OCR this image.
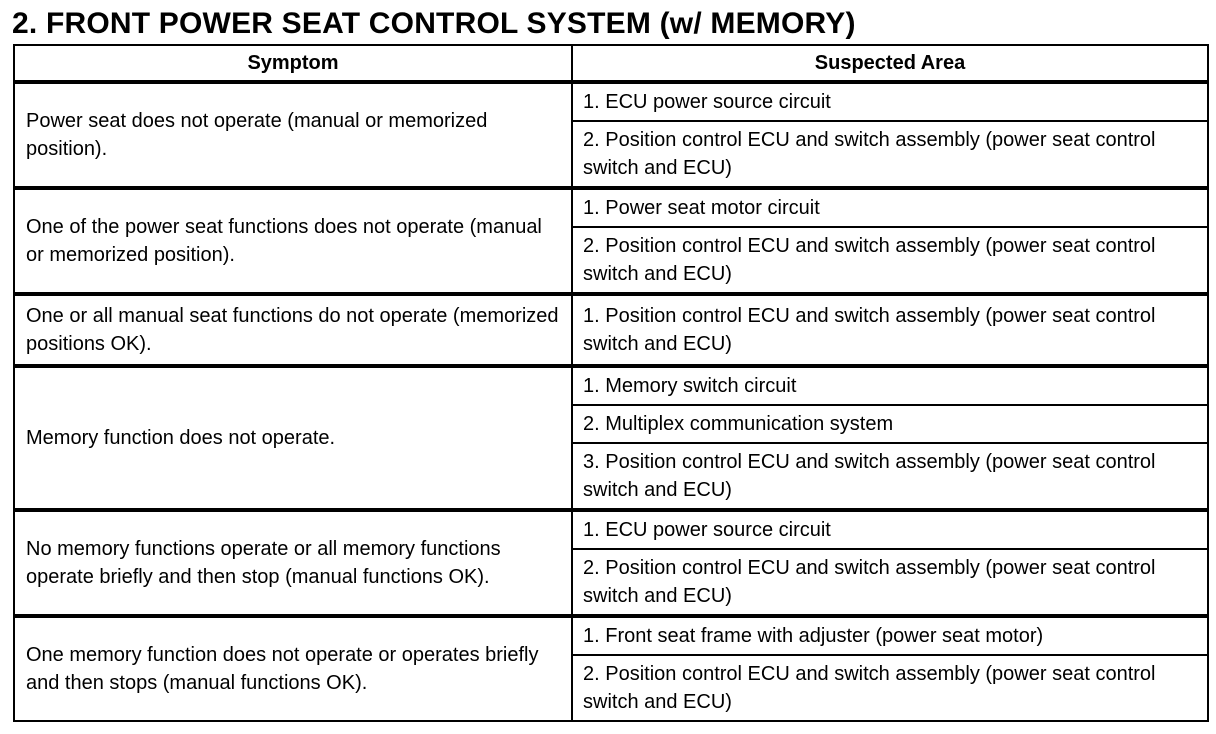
2. FRONT POWER SEAT CONTROL SYSTEM (w/ MEMORY)
Symptom	Suspected Area
Power seat does not operate (manual or memorized position).	1. ECU power source circuit
	2. Position control ECU and switch assembly (power seat control switch and ECU)
One of the power seat functions does not operate (manual or memorized position).	1. Power seat motor circuit
	2. Position control ECU and switch assembly (power seat control switch and ECU)
One or all manual seat functions do not operate (memorized positions OK).	1. Position control ECU and switch assembly (power seat control switch and ECU)
Memory function does not operate.	1. Memory switch circuit
	2. Multiplex communication system
	3. Position control ECU and switch assembly (power seat control switch and ECU)
No memory functions operate or all memory functions operate briefly and then stop (manual functions OK).	1. ECU power source circuit
	2. Position control ECU and switch assembly (power seat control switch and ECU)
One memory function does not operate or operates briefly and then stops (manual functions OK).	1. Front seat frame with adjuster (power seat motor)
	2. Position control ECU and switch assembly (power seat control switch and ECU)
